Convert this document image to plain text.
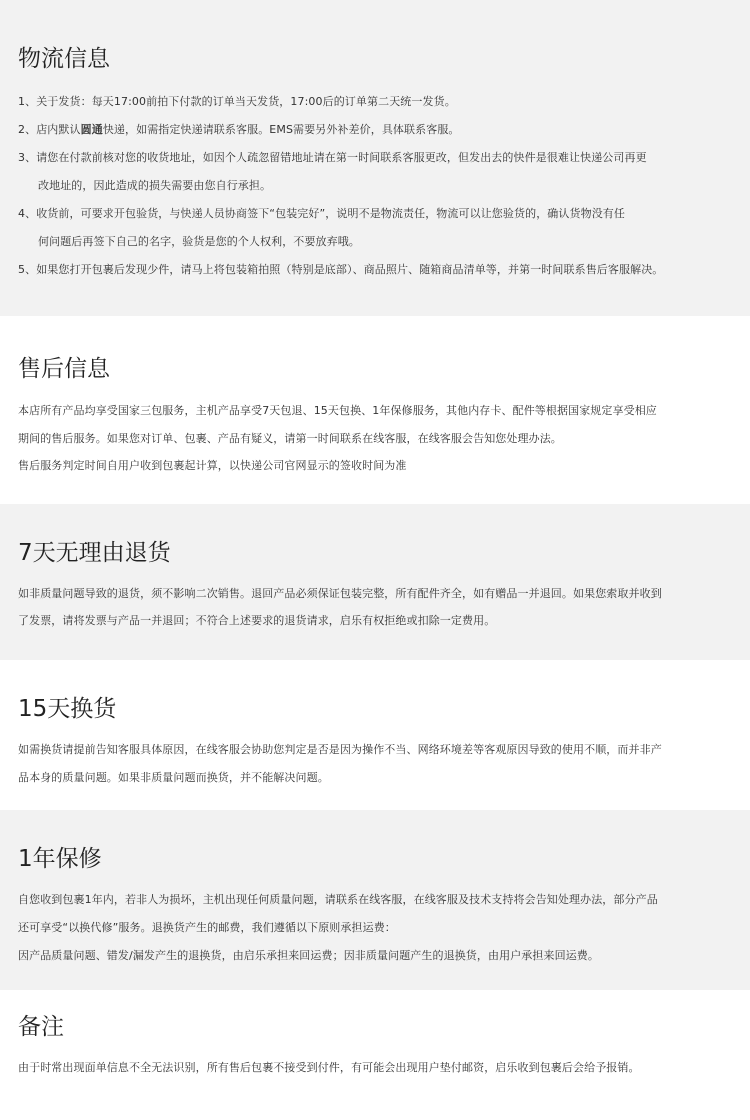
物流信息
1、关于发货：每天17:00前拍下付款的订单当天发货，17:00后的订单第二天统一发货。
2、店内默认圆通快递，如需指定快递请联系客服。EMS需要另外补差价，具体联系客服。
3、请您在付款前核对您的收货地址，如因个人疏忽留错地址请在第一时间联系客服更改，但发出去的快件是很难让快递公司再更
改地址的，因此造成的损失需要由您自行承担。
4、收货前，可要求开包验货，与快递人员协商签下“包装完好”，说明不是物流责任，物流可以让您验货的，确认货物没有任
何问题后再签下自己的名字，验货是您的个人权利，不要放弃哦。
5、如果您打开包裹后发现少件，请马上将包装箱拍照（特别是底部）、商品照片、随箱商品清单等，并第一时间联系售后客服解决。
售后信息
本店所有产品均享受国家三包服务，主机产品享受7天包退、15天包换、1年保修服务，其他内存卡、配件等根据国家规定享受相应
期间的售后服务。如果您对订单、包裹、产品有疑义，请第一时间联系在线客服，在线客服会告知您处理办法。
售后服务判定时间自用户收到包裹起计算，以快递公司官网显示的签收时间为准
7天无理由退货
如非质量问题导致的退货，须不影响二次销售。退回产品必须保证包装完整，所有配件齐全，如有赠品一并退回。如果您索取并收到
了发票，请将发票与产品一并退回；不符合上述要求的退货请求，启乐有权拒绝或扣除一定费用。
15天换货
如需换货请提前告知客服具体原因，在线客服会协助您判定是否是因为操作不当、网络环境差等客观原因导致的使用不顺，而并非产
品本身的质量问题。如果非质量问题而换货，并不能解决问题。
1年保修
自您收到包裹1年内，若非人为损坏，主机出现任何质量问题，请联系在线客服，在线客服及技术支持将会告知处理办法，部分产品
还可享受“以换代修”服务。退换货产生的邮费，我们遵循以下原则承担运费：
因产品质量问题、错发/漏发产生的退换货，由启乐承担来回运费；因非质量问题产生的退换货，由用户承担来回运费。
备注
由于时常出现面单信息不全无法识别，所有售后包裹不接受到付件，有可能会出现用户垫付邮资，启乐收到包裹后会给予报销。
